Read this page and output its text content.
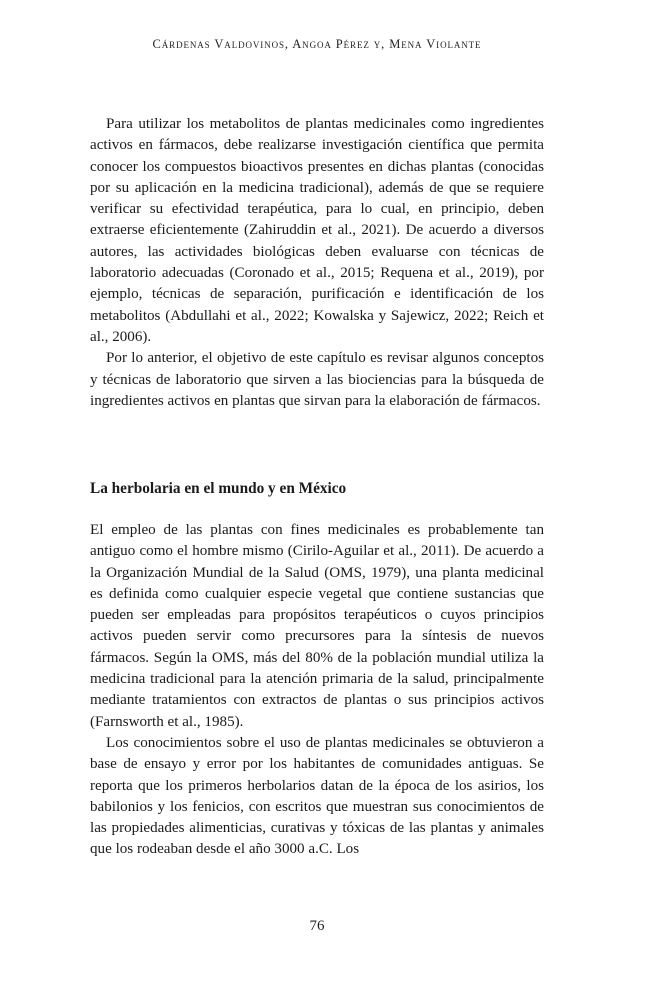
Cárdenas Valdovinos, Angoa Pérez y, Mena Violante

Para utilizar los metabolitos de plantas medicinales como ingredientes activos en fármacos, debe realizarse investigación científica que permita conocer los compuestos bioactivos presentes en dichas plantas (conocidas por su aplicación en la medicina tradicional), además de que se requiere verificar su efectividad terapéutica, para lo cual, en principio, deben extraerse eficientemente (Zahiruddin et al., 2021). De acuerdo a diversos autores, las actividades biológicas deben evaluarse con técnicas de laboratorio adecuadas (Coronado et al., 2015; Requena et al., 2019), por ejemplo, técnicas de separación, purificación e identificación de los metabolitos (Abdullahi et al., 2022; Kowalska y Sajewicz, 2022; Reich et al., 2006).

Por lo anterior, el objetivo de este capítulo es revisar algunos conceptos y técnicas de laboratorio que sirven a las biociencias para la búsqueda de ingredientes activos en plantas que sirvan para la elaboración de fármacos.

La herbolaria en el mundo y en México

El empleo de las plantas con fines medicinales es probablemente tan antiguo como el hombre mismo (Cirilo-Aguilar et al., 2011). De acuerdo a la Organización Mundial de la Salud (OMS, 1979), una planta medicinal es definida como cualquier especie vegetal que contiene sustancias que pueden ser empleadas para propósitos terapéuticos o cuyos principios activos pueden servir como precursores para la síntesis de nuevos fármacos. Según la OMS, más del 80% de la población mundial utiliza la medicina tradicional para la atención primaria de la salud, principalmente mediante tratamientos con extractos de plantas o sus principios activos (Farnsworth et al., 1985).

Los conocimientos sobre el uso de plantas medicinales se obtuvieron a base de ensayo y error por los habitantes de comunidades antiguas. Se reporta que los primeros herbolarios datan de la época de los asirios, los babilonios y los fenicios, con escritos que muestran sus conocimientos de las propiedades alimenticias, curativas y tóxicas de las plantas y animales que los rodeaban desde el año 3000 a.C. Los

76
